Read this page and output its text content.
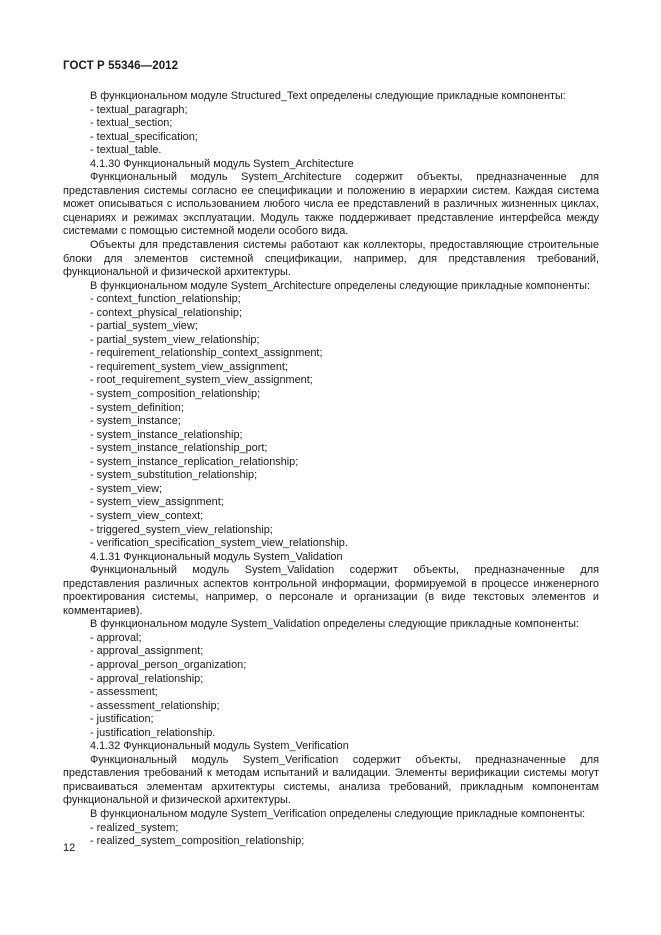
ГОСТ Р 55346—2012

В функциональном модуле Structured_Text определены следующие прикладные компоненты:

- textual_paragraph;

- textual_section;

- textual_specification;

- textual_table.

4.1.30 Функциональный модуль System_Architecture

Функциональный модуль System_Architecture содержит объекты, предназначенные для представления системы согласно ее спецификации и положению в иерархии систем. Каждая система может описываться с использованием любого числа ее представлений в различных жизненных циклах, сценариях и режимах эксплуатации. Модуль также поддерживает представление интерфейса между системами с помощью системной модели особого вида.

Объекты для представления системы работают как коллекторы, предоставляющие строительные блоки для элементов системной спецификации, например, для представления требований, функциональной и физической архитектуры.

В функциональном модуле System_Architecture определены следующие прикладные компоненты:

- context_function_relationship;

- context_physical_relationship;

- partial_system_view;

- partial_system_view_relationship;

- requirement_relationship_context_assignment;

- requirement_system_view_assignment;

- root_requirement_system_view_assignment;

- system_composition_relationship;

- system_definition;

- system_instance;

- system_instance_relationship;

- system_instance_relationship_port;

- system_instance_replication_relationship;

- system_substitution_relationship;

- system_view;

- system_view_assignment;

- system_view_context;

- triggered_system_view_relationship;

- verification_specification_system_view_relationship.

4.1.31 Функциональный модуль System_Validation

Функциональный модуль System_Validation содержит объекты, предназначенные для представления различных аспектов контрольной информации, формируемой в процессе инженерного проектирования системы, например, о персонале и организации (в виде текстовых элементов и комментариев).

В функциональном модуле System_Validation определены следующие прикладные компоненты:

- approval;

- approval_assignment;

- approval_person_organization;

- approval_relationship;

- assessment;

- assessment_relationship;

- justification;

- justification_relationship.

4.1.32 Функциональный модуль System_Verification

Функциональный модуль System_Verification содержит объекты, предназначенные для представления требований к методам испытаний и валидации. Элементы верификации системы могут присваиваться элементам архитектуры системы, анализа требований, прикладным компонентам функциональной и физической архитектуры.

В функциональном модуле System_Verification определены следующие прикладные компоненты:

- realized_system;

- realized_system_composition_relationship;

12
